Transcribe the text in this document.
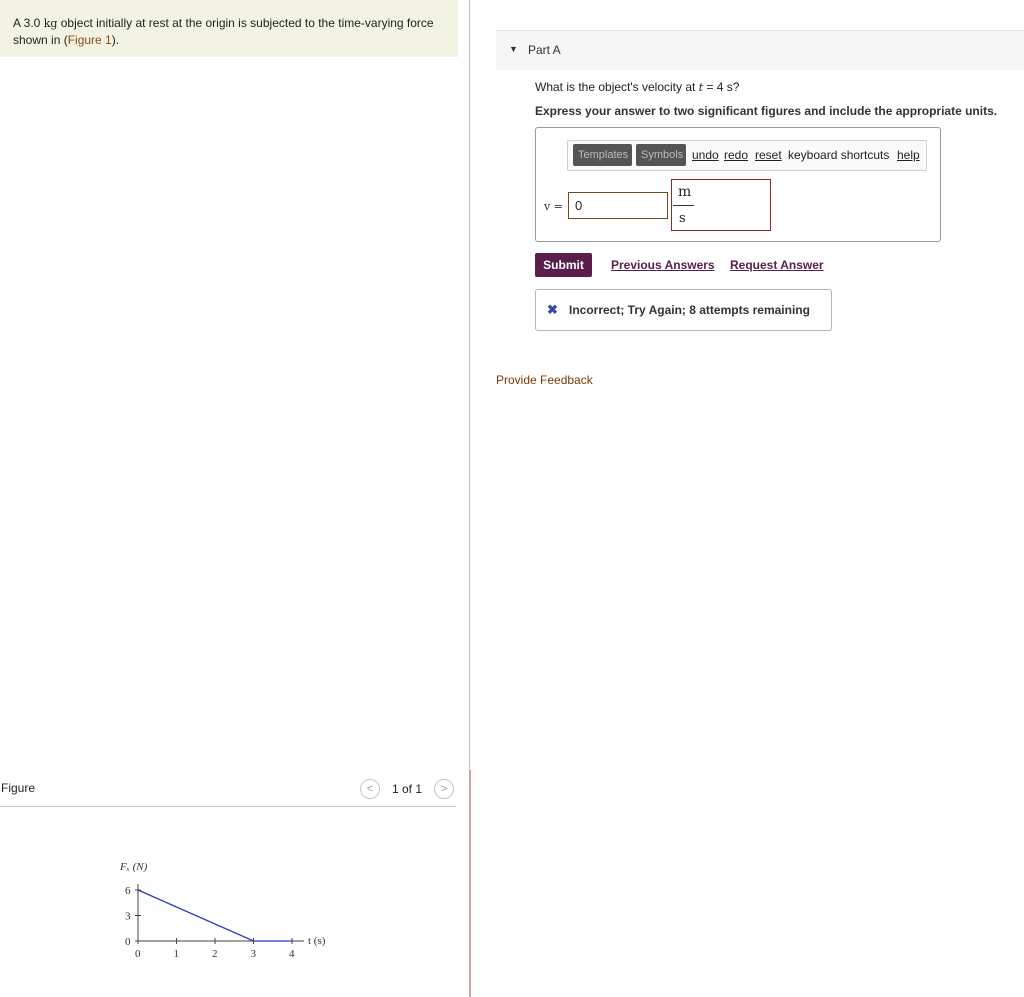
A 3.0 kg object initially at rest at the origin is subjected to the time-varying force shown in (Figure 1).
Figure	<	1 of 1	>
0
3
6
0	1	2	3	4
Fₓ (N)
t (s)
▼ Part A
What is the object's velocity at t = 4 s?
Express your answer to two significant figures and include the appropriate units.
Templates	Symbols undo redo reset keyboard shortcuts help
v =
0
m
s
Submit	Previous Answers Request Answer
✖ Incorrect; Try Again; 8 attempts remaining
Provide Feedback
